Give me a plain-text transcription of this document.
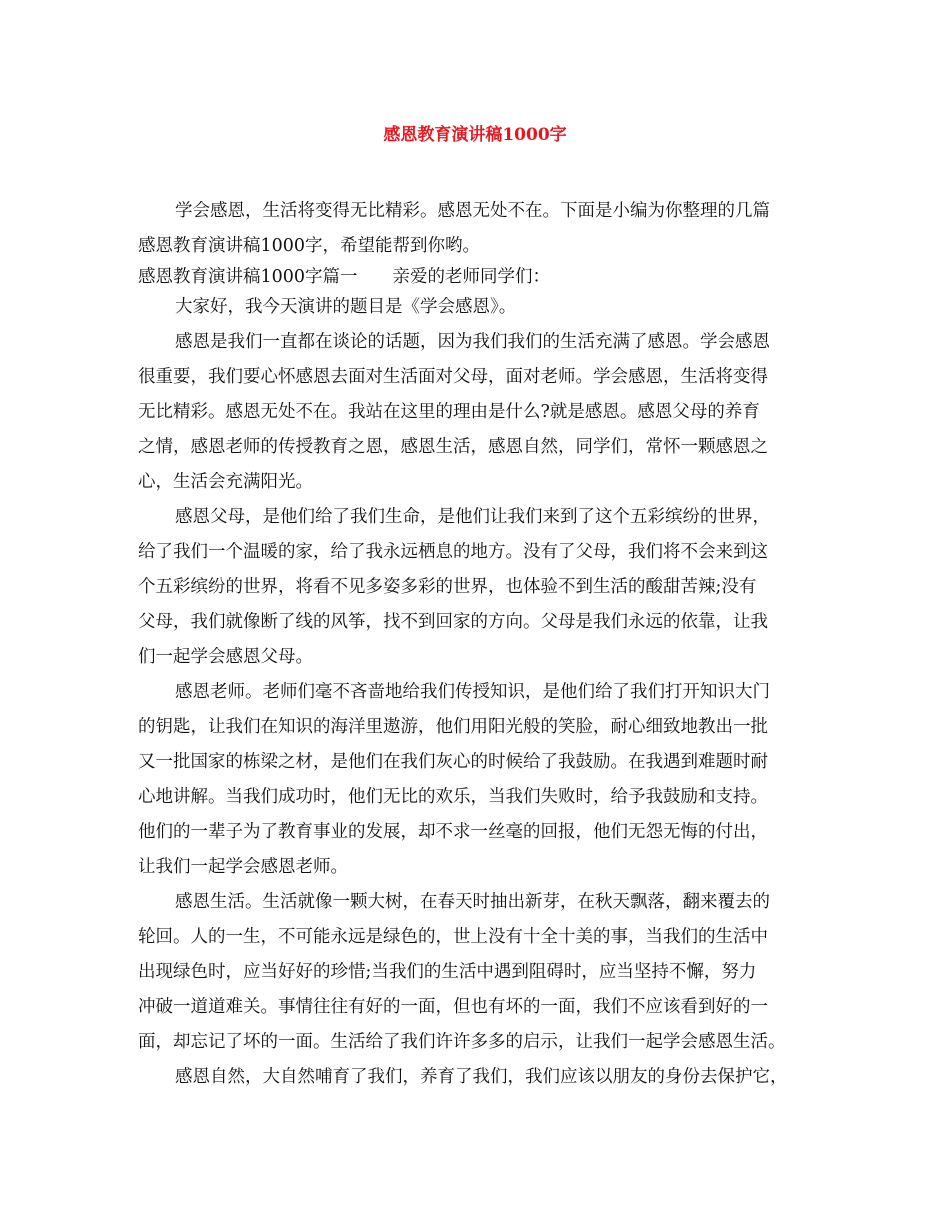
感恩教育演讲稿1000字
学会感恩，生活将变得无比精彩。感恩无处不在。下面是小编为你整理的几篇
感恩教育演讲稿1000字，希望能帮到你哟。
感恩教育演讲稿1000字篇一　　亲爱的老师同学们：
大家好，我今天演讲的题目是《学会感恩》。
感恩是我们一直都在谈论的话题，因为我们我们的生活充满了感恩。学会感恩
很重要，我们要心怀感恩去面对生活面对父母，面对老师。学会感恩，生活将变得
无比精彩。感恩无处不在。我站在这里的理由是什么?就是感恩。感恩父母的养育
之情，感恩老师的传授教育之恩，感恩生活，感恩自然，同学们，常怀一颗感恩之
心，生活会充满阳光。
感恩父母，是他们给了我们生命，是他们让我们来到了这个五彩缤纷的世界，
给了我们一个温暖的家，给了我永远栖息的地方。没有了父母，我们将不会来到这
个五彩缤纷的世界，将看不见多姿多彩的世界，也体验不到生活的酸甜苦辣;没有
父母，我们就像断了线的风筝，找不到回家的方向。父母是我们永远的依靠，让我
们一起学会感恩父母。
感恩老师。老师们毫不吝啬地给我们传授知识，是他们给了我们打开知识大门
的钥匙，让我们在知识的海洋里遨游，他们用阳光般的笑脸，耐心细致地教出一批
又一批国家的栋梁之材，是他们在我们灰心的时候给了我鼓励。在我遇到难题时耐
心地讲解。当我们成功时，他们无比的欢乐，当我们失败时，给予我鼓励和支持。
他们的一辈子为了教育事业的发展，却不求一丝毫的回报，他们无怨无悔的付出，
让我们一起学会感恩老师。
感恩生活。生活就像一颗大树，在春天时抽出新芽，在秋天飘落，翻来覆去的
轮回。人的一生，不可能永远是绿色的，世上没有十全十美的事，当我们的生活中
出现绿色时，应当好好的珍惜;当我们的生活中遇到阻碍时，应当坚持不懈，努力
冲破一道道难关。事情往往有好的一面，但也有坏的一面，我们不应该看到好的一
面，却忘记了坏的一面。生活给了我们许许多多的启示，让我们一起学会感恩生活。
感恩自然，大自然哺育了我们，养育了我们，我们应该以朋友的身份去保护它，
